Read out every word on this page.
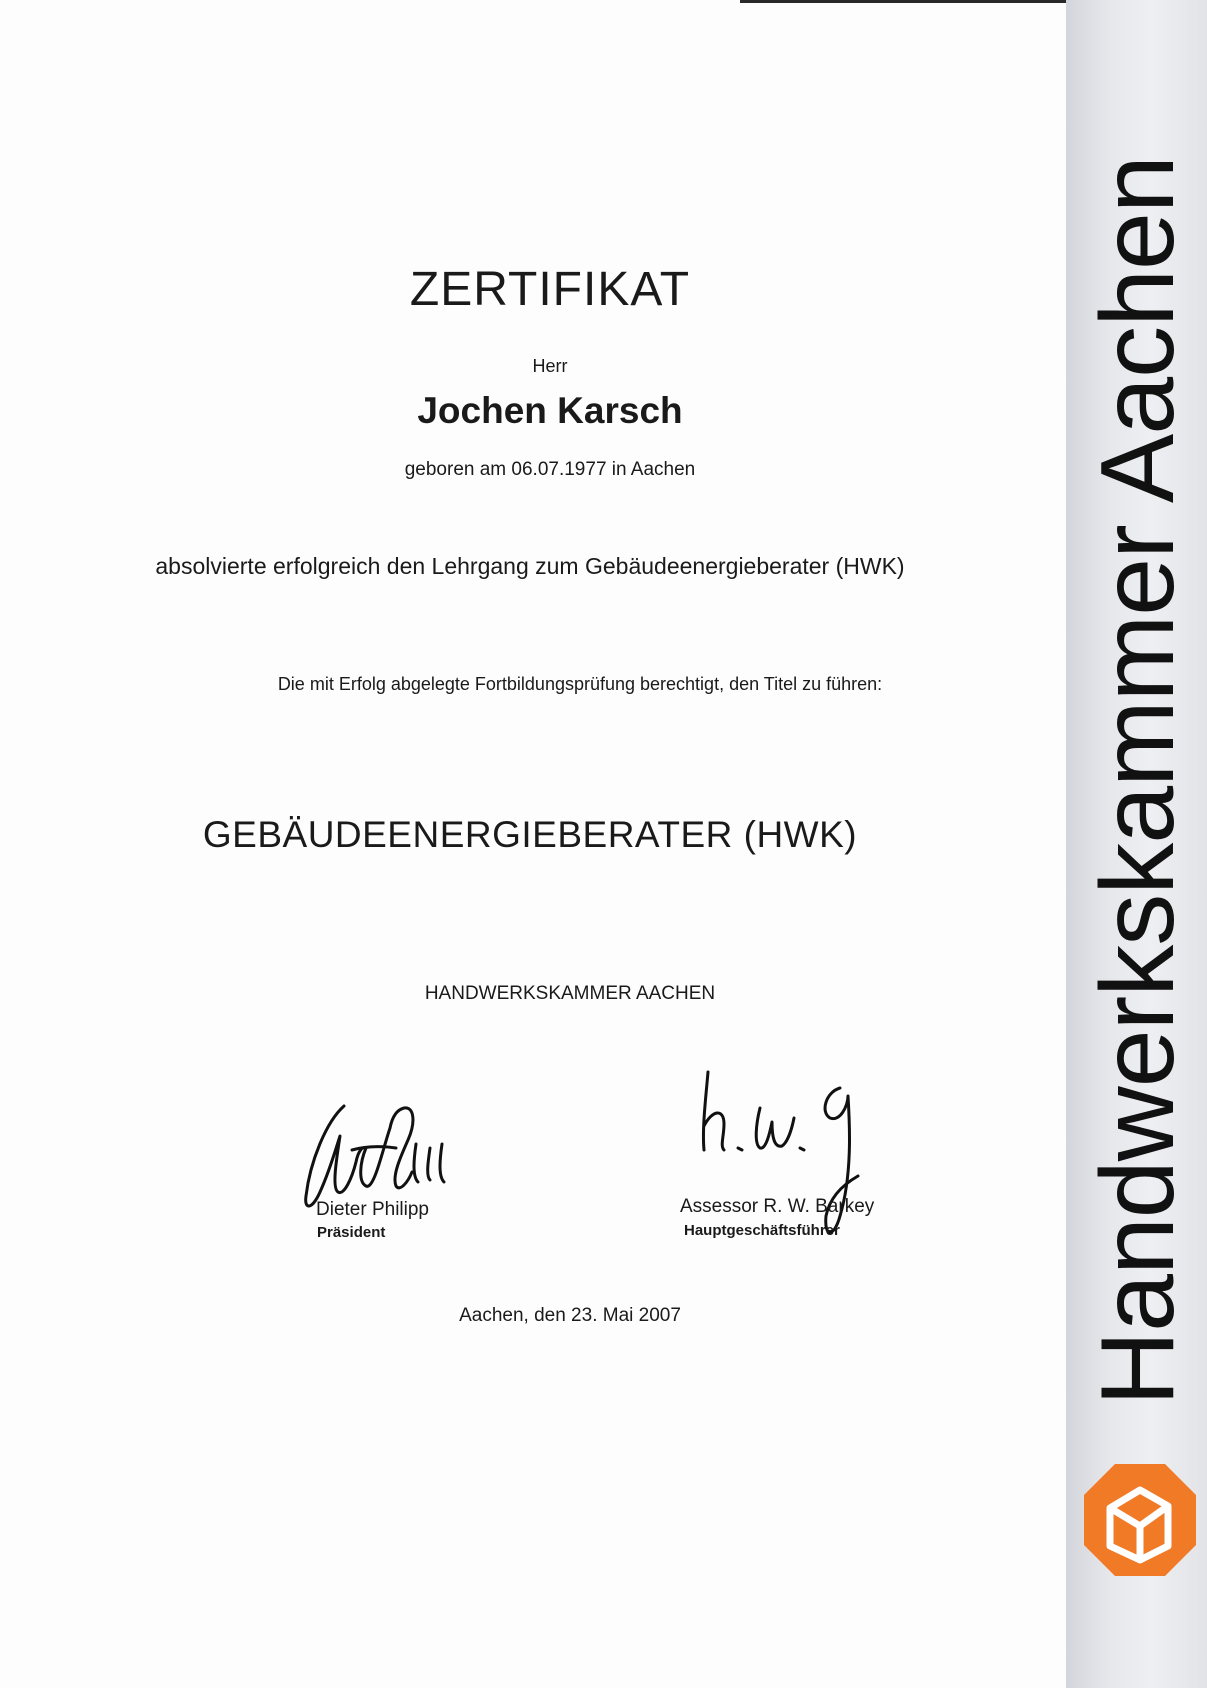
ZERTIFIKAT
Herr
Jochen Karsch
geboren am 06.07.1977 in Aachen
absolvierte erfolgreich den Lehrgang zum Gebäudeenergieberater (HWK)
Die mit Erfolg abgelegte Fortbildungsprüfung berechtigt, den Titel zu führen:
GEBÄUDEENERGIEBERATER (HWK)
HANDWERKSKAMMER AACHEN
Dieter Philipp
Präsident
Assessor R. W. Barkey
Hauptgeschäftsführer
Aachen, den 23. Mai 2007	Handwerkskammer Aachen
